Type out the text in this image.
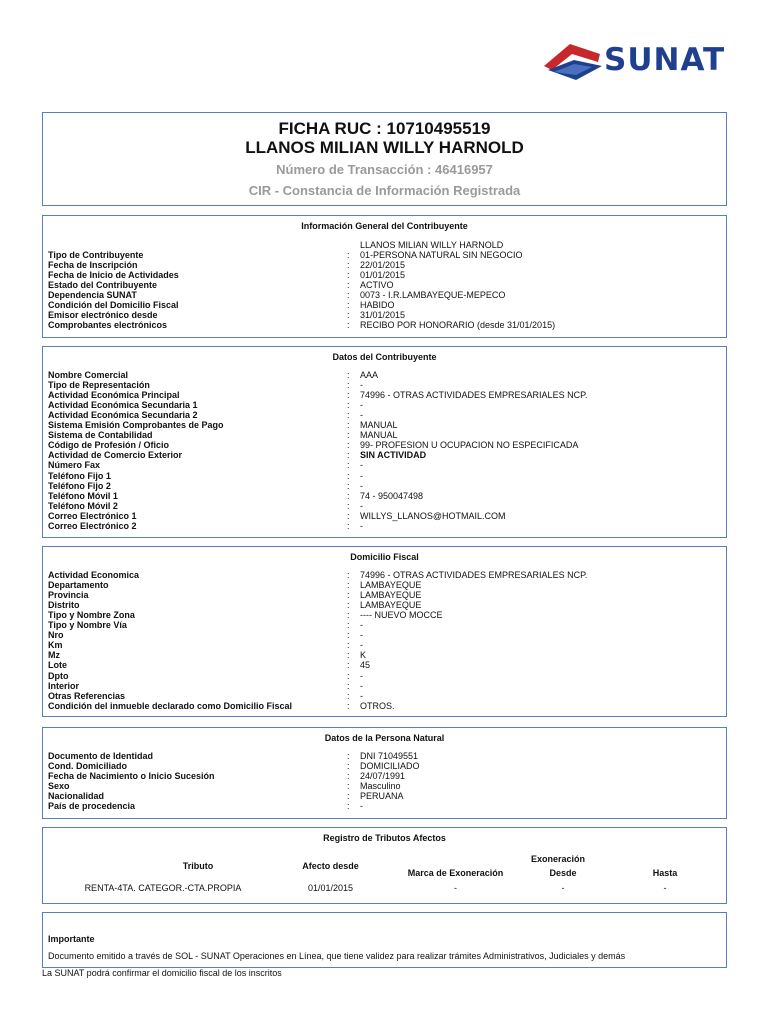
SUNAT
FICHA RUC : 10710495519
LLANOS MILIAN WILLY HARNOLD
Número de Transacción : 46416957
CIR - Constancia de Información Registrada
Información General del Contribuyente
LLANOS MILIAN WILLY HARNOLD
Tipo de Contribuyente	: 01-PERSONA NATURAL SIN NEGOCIO
Fecha de Inscripción	: 22/01/2015
Fecha de Inicio de Actividades	: 01/01/2015
Estado del Contribuyente	: ACTIVO
Dependencia SUNAT	: 0073 - I.R.LAMBAYEQUE-MEPECO
Condición del Domicilio Fiscal	: HABIDO
Emisor electrónico desde	: 31/01/2015
Comprobantes electrónicos	: RECIBO POR HONORARIO (desde 31/01/2015)
Datos del Contribuyente
Nombre Comercial	: AAA
Tipo de Representación	: -
Actividad Económica Principal	: 74996 - OTRAS ACTIVIDADES EMPRESARIALES NCP.
Actividad Económica Secundaria 1	: -
Actividad Económica Secundaria 2	: -
Sistema Emisión Comprobantes de Pago	: MANUAL
Sistema de Contabilidad	: MANUAL
Código de Profesión / Oficio	: 99- PROFESION U OCUPACION NO ESPECIFICADA
Actividad de Comercio Exterior	: SIN ACTIVIDAD
Número Fax	: -
Teléfono Fijo 1	: -
Teléfono Fijo 2	: -
Teléfono Móvil 1	: 74 - 950047498
Teléfono Móvil 2	: -
Correo Electrónico 1	: WILLYS_LLANOS@HOTMAIL.COM
Correo Electrónico 2	: -
Domicilio Fiscal
Actividad Economica	: 74996 - OTRAS ACTIVIDADES EMPRESARIALES NCP.
Departamento	: LAMBAYEQUE
Provincia	: LAMBAYEQUE
Distrito	: LAMBAYEQUE
Tipo y Nombre Zona	: ---- NUEVO MOCCE
Tipo y Nombre Vía	: -
Nro	: -
Km	: -
Mz	: K
Lote	: 45
Dpto	: -
Interior	: -
Otras Referencias	: -
Condición del inmueble declarado como Domicilio Fiscal	: OTROS.
Datos de la Persona Natural
Documento de Identidad	: DNI 71049551
Cond. Domiciliado	: DOMICILIADO
Fecha de Nacimiento o Inicio Sucesión	: 24/07/1991
Sexo	: Masculino
Nacionalidad	: PERUANA
País de procedencia	: -
Registro de Tributos Afectos
Tributo	Afecto desde
Marca de Exoneración
Exoneración
Desde	Hasta
RENTA-4TA. CATEGOR.-CTA.PROPIA	01/01/2015	-	-	-
Importante
Documento emitido a través de SOL - SUNAT Operaciones en Línea, que tiene validez para realizar trámites Administrativos, Judiciales y demás
La SUNAT podrá confirmar el domicilio fiscal de los inscritos
